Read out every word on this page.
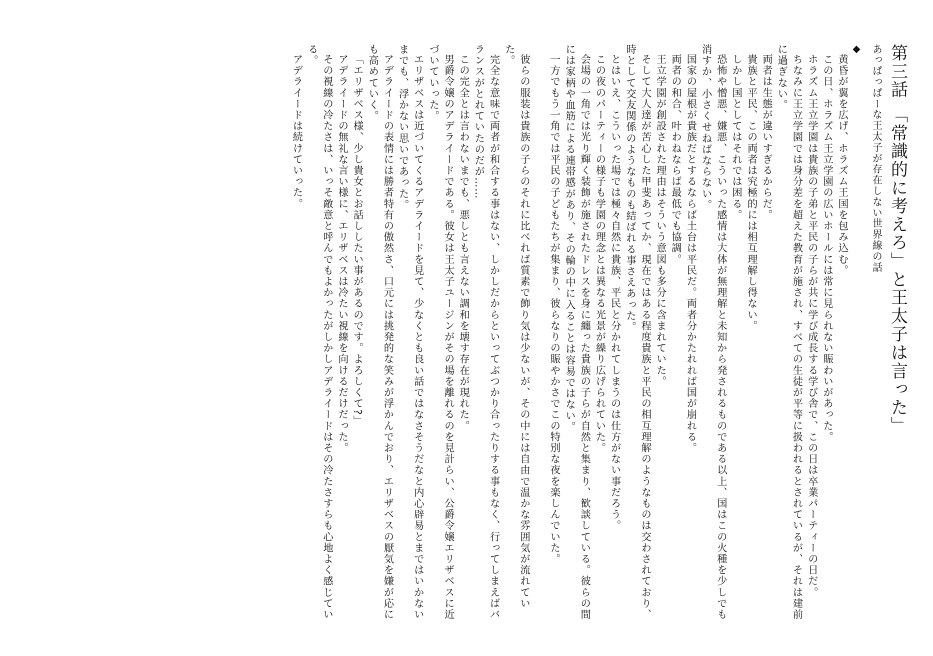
第三話 「常識的に考えろ」と王太子は言った」
あっぱっぱーな王太子が存在しない世界線の話
◆

黄昏が翼を広げ、ホラズム王国を包み込む。

この日、ホラズム王立学園の広いホールには常に見られない賑わいがあった。

ホラズム王立学園は貴族の子弟と平民の子らが共に学び成長する学び舎で、この日は卒業パーティーの日だ。

ちなみに王立学園では身分差を超えた教育が施され、すべての生徒が平等に扱われるとされているが、それは建前に過ぎない。

両者は生態が違いすぎるからだ。

貴族と平民、この両者は究極的には相互理解し得ない。

しかし国としてはそれでは困る。

恐怖や憎悪、嫌悪、こういった感情は大体が無理解と未知から発されるものである以上、国はこの火種を少しでも消すか、小さくせねばならない。

国家の屋根が貴族だとするならば土台は平民だ。両者分かたれれば国が崩れる。

両者の和合、叶わねならば最低でも協調。

王立学園が創設された理由はそういう意図も多分に含まれていた。

そして大人達が苦心した甲斐あってか、現在ではある程度貴族と平民の相互理解のようなものは交わされており、時として交友関係のようなものも結ばれる事さえあった。

とはいえ、こういった場では極々自然に貴族、平民と分かれてしまうのは仕方がない事だろう。

この夜のパーティーの様子も学園の理念とは異なる光景が繰り広げられていた。

会場の一角では光り輝く装飾が施されたドレスを身に纏った貴族の子らが自然と集まり、歓談している。彼らの間には家柄や血筋による連帯感があり、その輪の中に入ることは容易ではない。

一方でもう一角では平民の子どもたちが集まり、彼らなりの賑やかさでこの特別な夜を楽しんでいた。

彼らの服装は貴族の子らのそれに比べれば質素で飾り気は少ないが、その中には自由で温かな雰囲気が流れていた。

完全な意味で両者が和合する事はない、しかしだからといってぶつかり合ったりする事もなく、行ってしまえばバランスがとれていたのだが……

この完全とは言わないまでも、悪しとも言えない調和を壊す存在が現れた。

男爵令嬢のアデライードである。彼女は王太子ユージンがその場を離れるのを見計らい、公爵令嬢エリザベスに近づいていった。

エリザベスは近づいてくるアデライードを見て、少なくとも良い話ではなさそうだなと内心辟易とまではいかないまでも、浮かない思いであった。

アデライードの表情には勝者特有の傲然さ、口元には挑発的な笑みが浮かんでおり、エリザベスの厭気を嫌が応にも高めていく。

「エリザベス様、少し貴女とお話ししたい事があるのです。よろしくて?」

アデライードの無礼な言い様に、エリザベスは冷たい視線を向けるだけだった。

その視線の冷たさは、いっそ敵意と呼んでもよかったがしかしアデライードはその冷たさすらも心地よく感じている。

アデライードは続けていった。
